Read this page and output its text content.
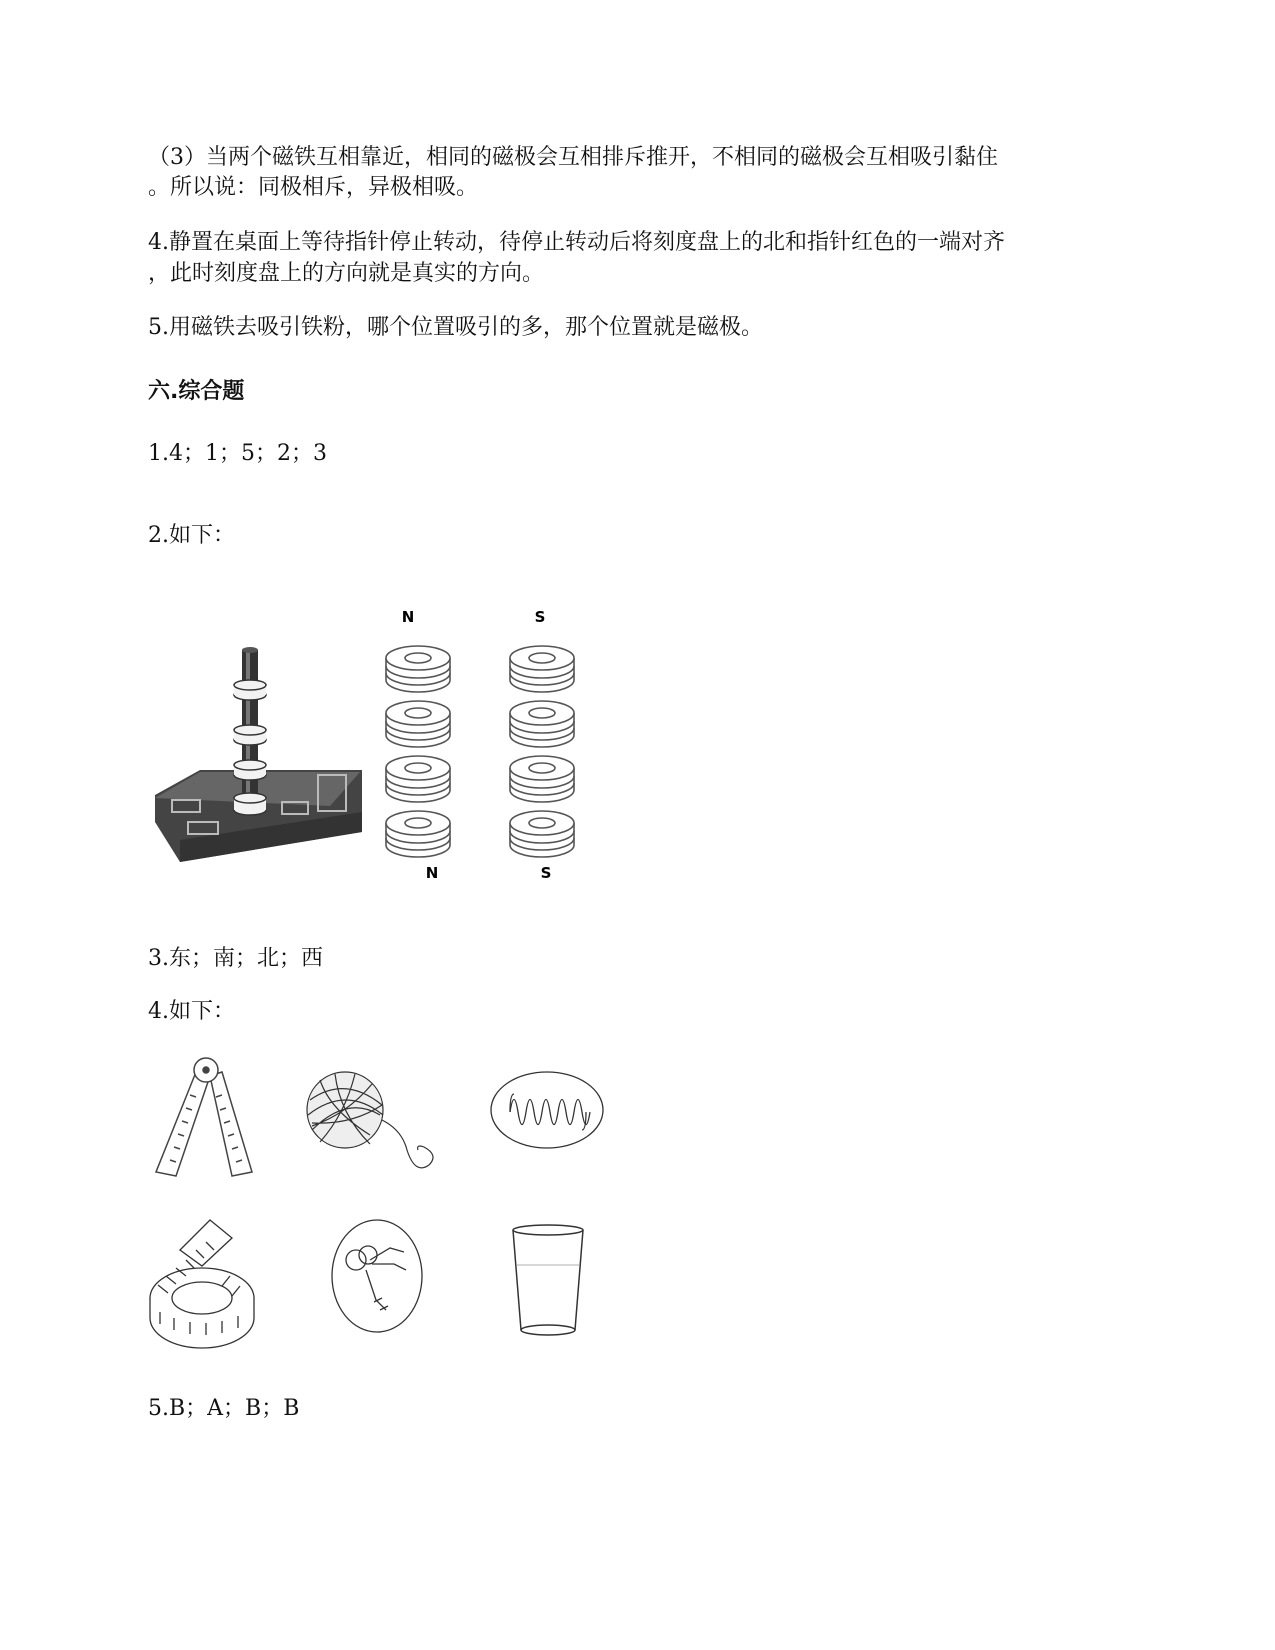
（3）当两个磁铁互相靠近，相同的磁极会互相排斥推开，不相同的磁极会互相吸引黏住
。所以说：同极相斥，异极相吸。
4.静置在桌面上等待指针停止转动，待停止转动后将刻度盘上的北和指针红色的一端对齐
，此时刻度盘上的方向就是真实的方向。
5.用磁铁去吸引铁粉，哪个位置吸引的多，那个位置就是磁极。
六.综合题
1.4；1；5；2；3
2.如下：
N	S
N	S
3.东；南；北；西
4.如下：
5.B；A；B；B
